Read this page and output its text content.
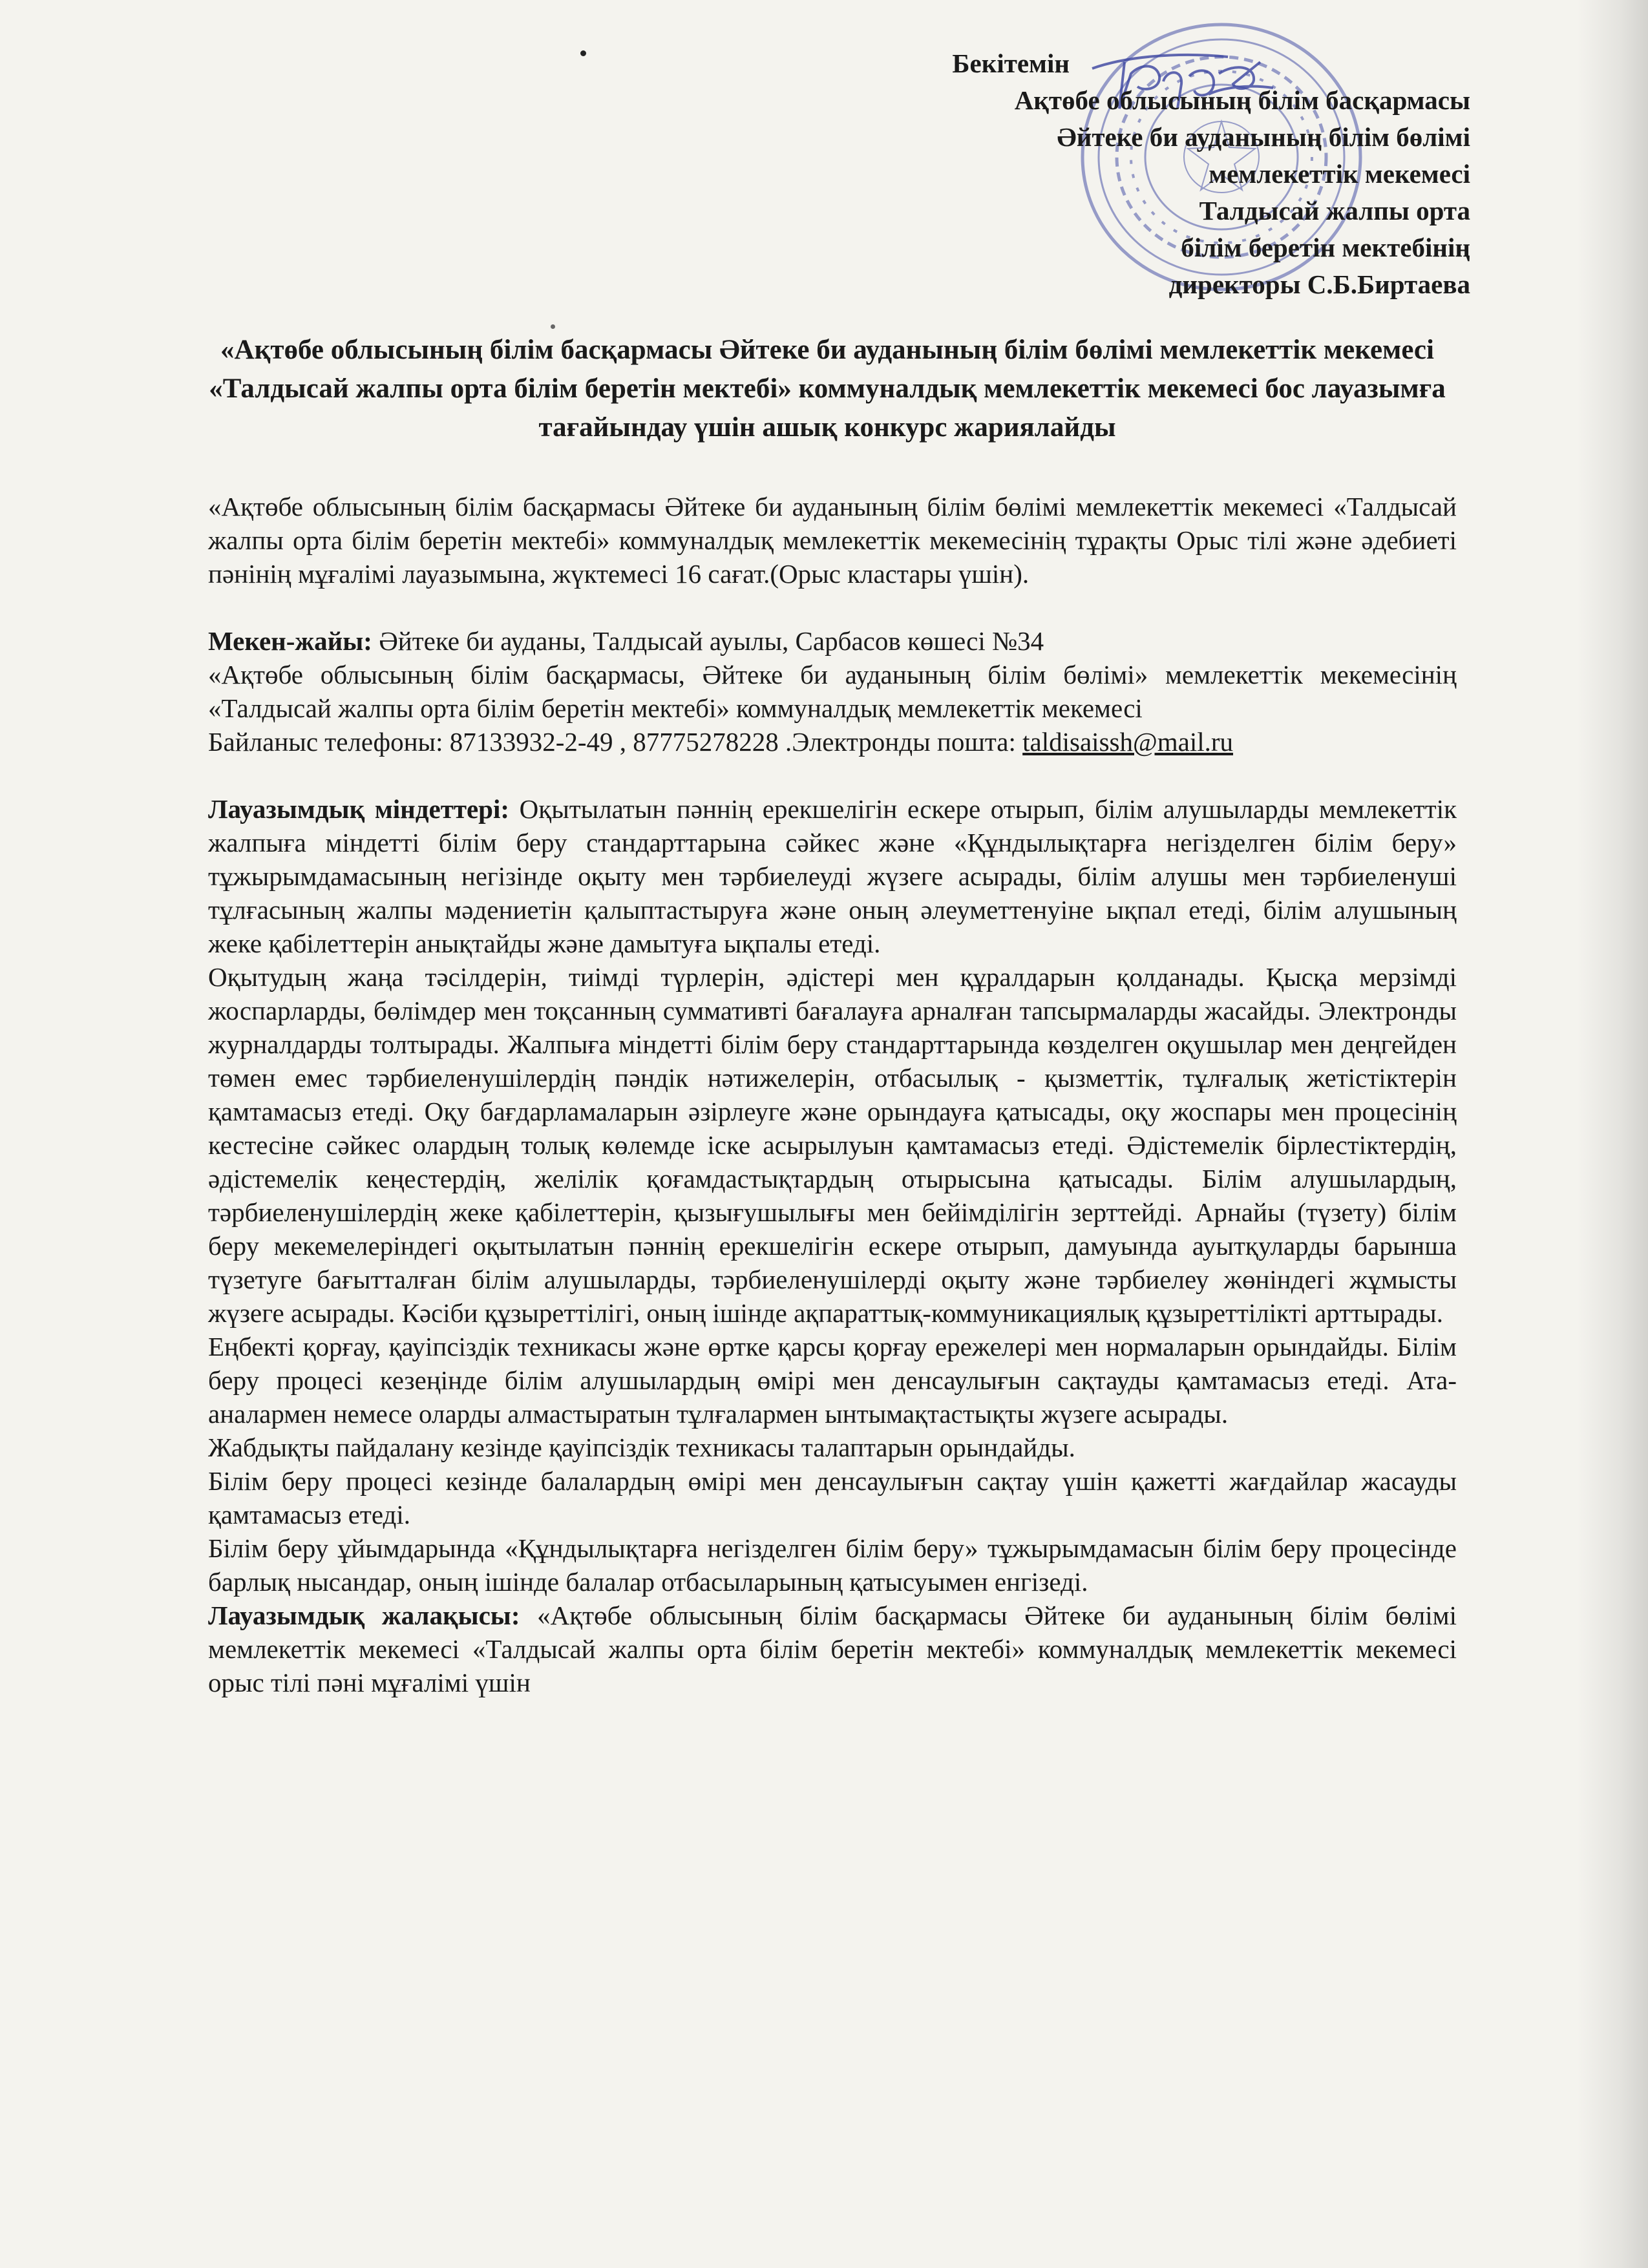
Бекітемін
Ақтөбе облысының білім басқармасы
Әйтеке би ауданының білім бөлімі
мемлекеттік мекемесі
Талдысай жалпы орта
білім беретін мектебінің
директоры С.Б.Биртаева
«Ақтөбе облысының білім басқармасы Әйтеке би ауданының білім бөлімі мемлекеттік мекемесі «Талдысай жалпы орта білім беретін мектебі» коммуналдық мемлекеттік мекемесі бос лауазымға тағайындау үшін ашық конкурс жариялайды

«Ақтөбе облысының білім басқармасы Әйтеке би ауданының білім бөлімі мемлекеттік мекемесі «Талдысай жалпы орта білім беретін мектебі» коммуналдық мемлекеттік мекемесінің тұрақты Орыс тілі және әдебиеті пәнінің мұғалімі лауазымына, жүктемесі 16 сағат.(Орыс кластары үшін).

Мекен-жайы: Әйтеке би ауданы, Талдысай ауылы, Сарбасов көшесі №34

«Ақтөбе облысының білім басқармасы, Әйтеке би ауданының білім бөлімі» мемлекеттік мекемесінің «Талдысай жалпы орта білім беретін мектебі» коммуналдық мемлекеттік мекемесі

Байланыс телефоны: 87133932-2-49 , 87775278228 .Электронды пошта: taldisaissh@mail.ru

Лауазымдық міндеттері: Оқытылатын пәннің ерекшелігін ескере отырып, білім алушыларды мемлекеттік жалпыға міндетті білім беру стандарттарына сәйкес және «Құндылықтарға негізделген білім беру» тұжырымдамасының негізінде оқыту мен тәрбиелеуді жүзеге асырады, білім алушы мен тәрбиеленуші тұлғасының жалпы мәдениетін қалыптастыруға және оның әлеуметтенуіне ықпал етеді, білім алушының жеке қабілеттерін анықтайды және дамытуға ықпалы етеді.

Оқытудың жаңа тәсілдерін, тиімді түрлерін, әдістері мен құралдарын қолданады. Қысқа мерзімді жоспарларды, бөлімдер мен тоқсанның суммативті бағалауға арналған тапсырмаларды жасайды. Электронды журналдарды толтырады. Жалпыға міндетті білім беру стандарттарында көзделген оқушылар мен деңгейден төмен емес тәрбиеленушілердің пәндік нәтижелерін, отбасылық - қызметтік, тұлғалық жетістіктерін қамтамасыз етеді. Оқу бағдарламаларын әзірлеуге және орындауға қатысады, оқу жоспары мен процесінің кестесіне сәйкес олардың толық көлемде іске асырылуын қамтамасыз етеді. Әдістемелік бірлестіктердің, әдістемелік кеңестердің, желілік қоғамдастықтардың отырысына қатысады. Білім алушылардың, тәрбиеленушілердің жеке қабілеттерін, қызығушылығы мен бейімділігін зерттейді. Арнайы (түзету) білім беру мекемелеріндегі оқытылатын пәннің ерекшелігін ескере отырып, дамуында ауытқуларды барынша түзетуге бағытталған білім алушыларды, тәрбиеленушілерді оқыту және тәрбиелеу жөніндегі жұмысты жүзеге асырады. Кәсіби құзыреттілігі, оның ішінде ақпараттық-коммуникациялық құзыреттілікті арттырады.

Еңбекті қорғау, қауіпсіздік техникасы және өртке қарсы қорғау ережелері мен нормаларын орындайды. Білім беру процесі кезеңінде білім алушылардың өмірі мен денсаулығын сақтауды қамтамасыз етеді. Ата-аналармен немесе оларды алмастыратын тұлғалармен ынтымақтастықты жүзеге асырады.

Жабдықты пайдалану кезінде қауіпсіздік техникасы талаптарын орындайды.

Білім беру процесі кезінде балалардың өмірі мен денсаулығын сақтау үшін қажетті жағдайлар жасауды қамтамасыз етеді.

Білім беру ұйымдарында «Құндылықтарға негізделген білім беру» тұжырымдамасын білім беру процесінде барлық нысандар, оның ішінде балалар отбасыларының қатысуымен енгізеді.

Лауазымдық жалақысы: «Ақтөбе облысының білім басқармасы Әйтеке би ауданының білім бөлімі мемлекеттік мекемесі «Талдысай жалпы орта білім беретін мектебі» коммуналдық мемлекеттік мекемесі орыс тілі пәні мұғалімі үшін
